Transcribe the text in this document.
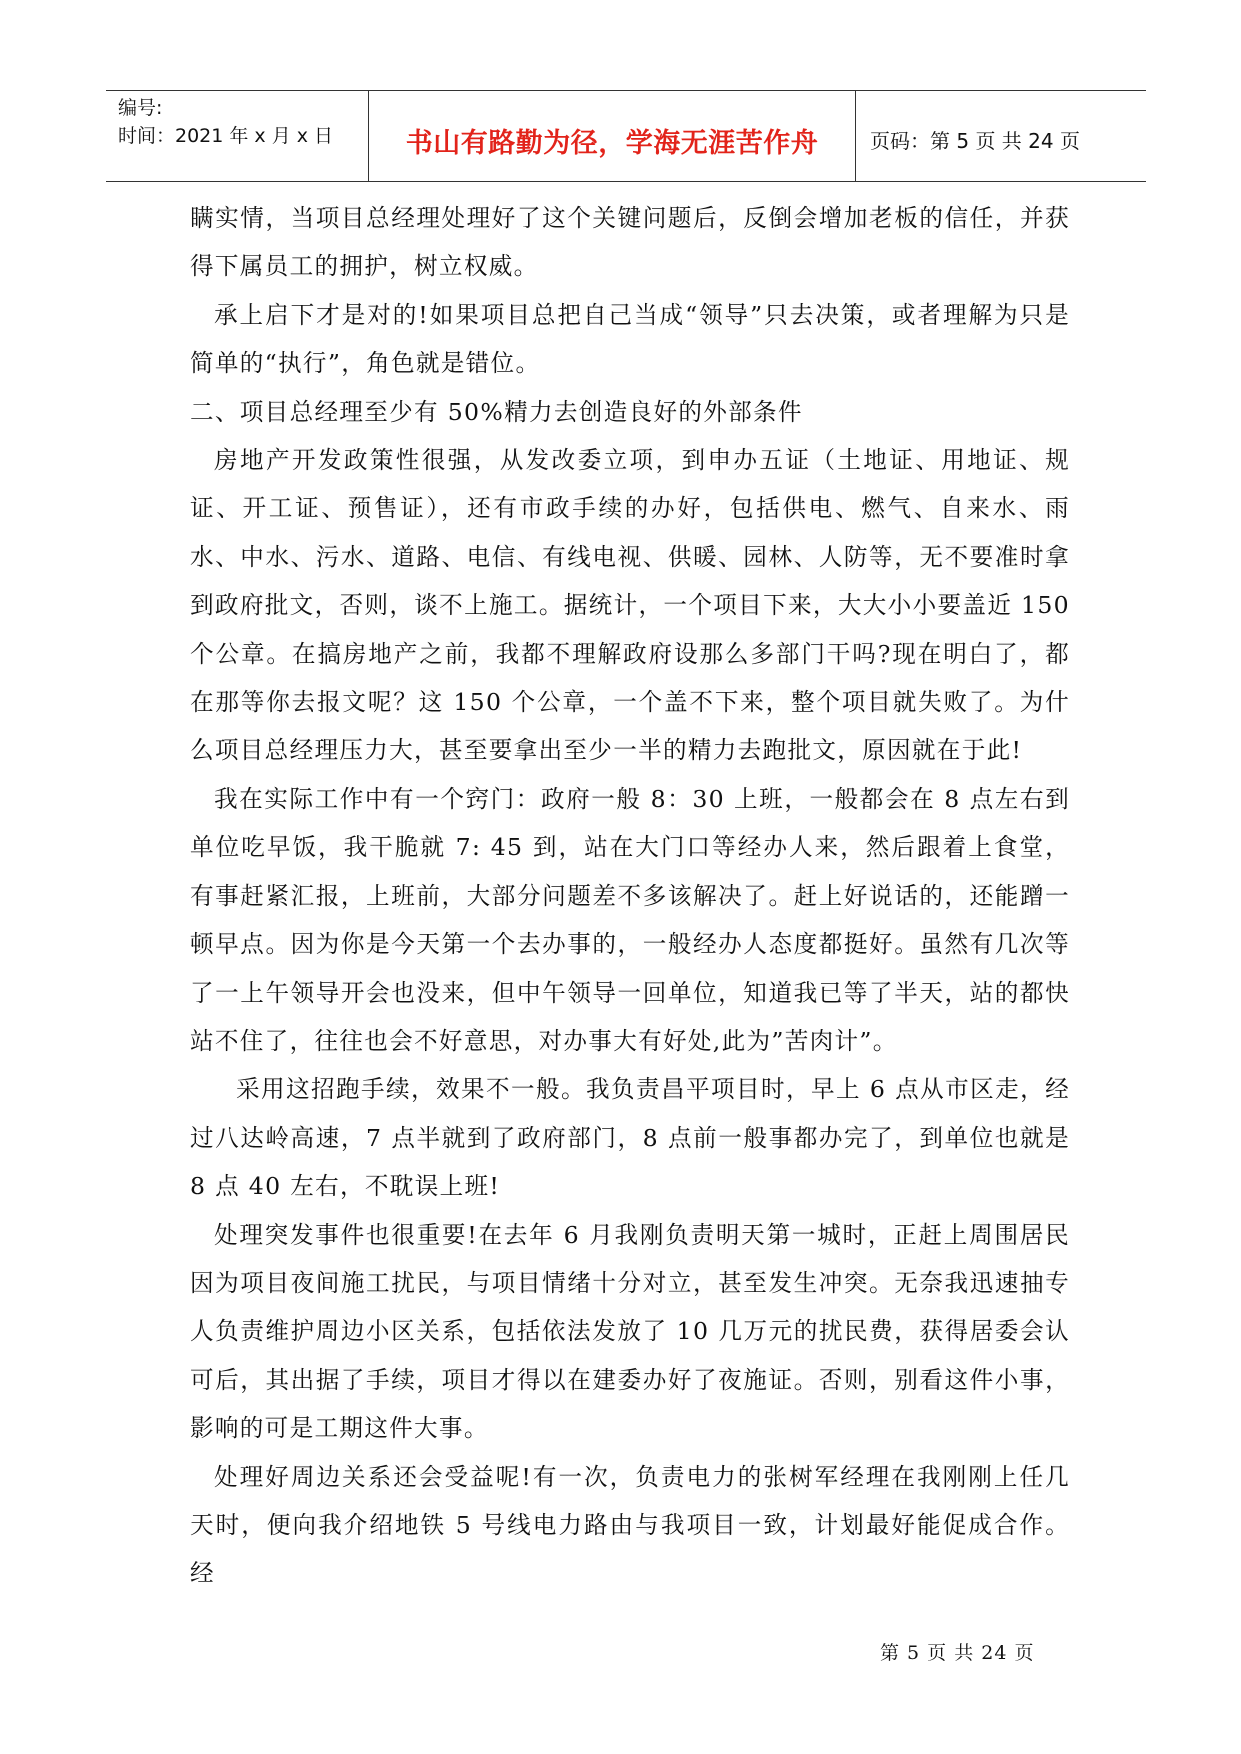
编号:
时间：2021 年 x 月 x 日	书山有路勤为径，学海无涯苦作舟	页码：第 5 页 共 24 页

瞒实情，当项目总经理处理好了这个关键问题后，反倒会增加老板的信任，并获得下属员工的拥护，树立权威。

承上启下才是对的!如果项目总把自己当成“领导”只去决策，或者理解为只是简单的“执行”，角色就是错位。

二、项目总经理至少有 50%精力去创造良好的外部条件

房地产开发政策性很强，从发改委立项，到申办五证（土地证、用地证、规证、开工证、预售证），还有市政手续的办好，包括供电、燃气、自来水、雨水、中水、污水、道路、电信、有线电视、供暖、园林、人防等，无不要准时拿到政府批文，否则，谈不上施工。据统计，一个项目下来，大大小小要盖近 150 个公章。在搞房地产之前，我都不理解政府设那么多部门干吗?现在明白了，都在那等你去报文呢？这 150 个公章，一个盖不下来，整个项目就失败了。为什么项目总经理压力大，甚至要拿出至少一半的精力去跑批文，原因就在于此!

我在实际工作中有一个窍门：政府一般 8：30 上班，一般都会在 8 点左右到单位吃早饭，我干脆就 7: 45 到，站在大门口等经办人来，然后跟着上食堂，有事赶紧汇报，上班前，大部分问题差不多该解决了。赶上好说话的，还能蹭一顿早点。因为你是今天第一个去办事的，一般经办人态度都挺好。虽然有几次等了一上午领导开会也没来，但中午领导一回单位，知道我已等了半天，站的都快站不住了，往往也会不好意思，对办事大有好处,此为”苦肉计”。

采用这招跑手续，效果不一般。我负责昌平项目时，早上 6 点从市区走，经过八达岭高速，7 点半就到了政府部门，8 点前一般事都办完了，到单位也就是 8 点 40 左右，不耽误上班!

处理突发事件也很重要!在去年 6 月我刚负责明天第一城时，正赶上周围居民因为项目夜间施工扰民，与项目情绪十分对立，甚至发生冲突。无奈我迅速抽专人负责维护周边小区关系，包括依法发放了 10 几万元的扰民费，获得居委会认可后，其出据了手续，项目才得以在建委办好了夜施证。否则，别看这件小事，影响的可是工期这件大事。

处理好周边关系还会受益呢!有一次，负责电力的张树军经理在我刚刚上任几天时，便向我介绍地铁 5 号线电力路由与我项目一致，计划最好能促成合作。经

第 5 页 共 24 页
